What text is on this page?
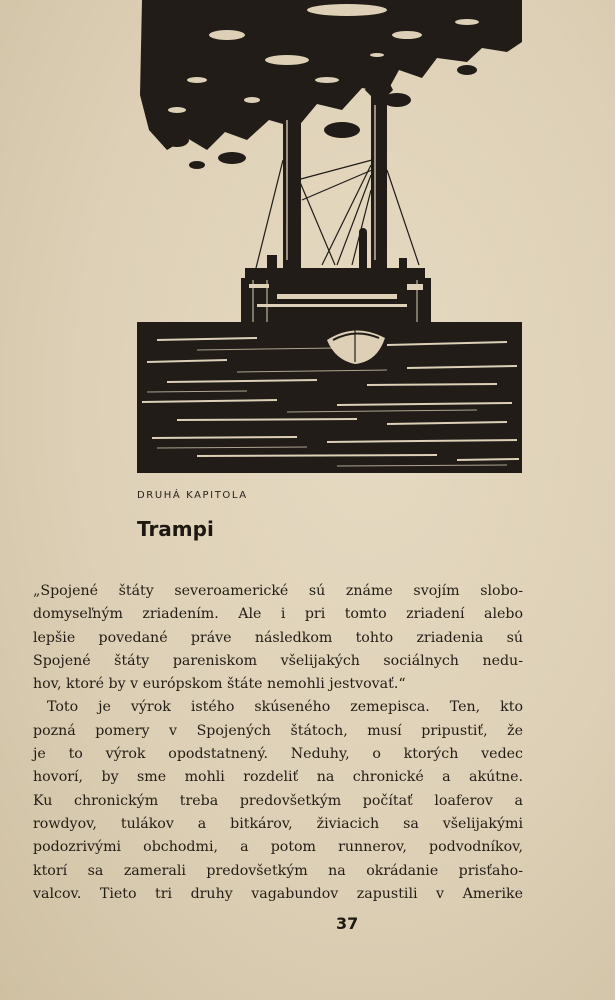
DRUHÁ KAPITOLA
Trampi
„Spojené štáty severoamerické sú známe svojím slobo-
domyseľným zriadením. Ale i pri tomto zriadení alebo
lepšie povedané práve následkom tohto zriadenia sú
Spojené štáty pareniskom všelijakých sociálnych nedu-
hov, ktoré by v európskom štáte nemohli jestvovať.“
Toto je výrok istého skúseného zemepisca. Ten, kto
pozná pomery v Spojených štátoch, musí pripustiť, že
je to výrok opodstatnený. Neduhy, o ktorých vedec
hovorí, by sme mohli rozdeliť na chronické a akútne.
Ku chronickým treba predovšetkým počítať loaferov a
rowdyov, tulákov a bitkárov, živiacich sa všelijakými
podozrivými obchodmi, a potom runnerov, podvodníkov,
ktorí sa zamerali predovšetkým na okrádanie prisťaho-
valcov. Tieto tri druhy vagabundov zapustili v Amerike
37
